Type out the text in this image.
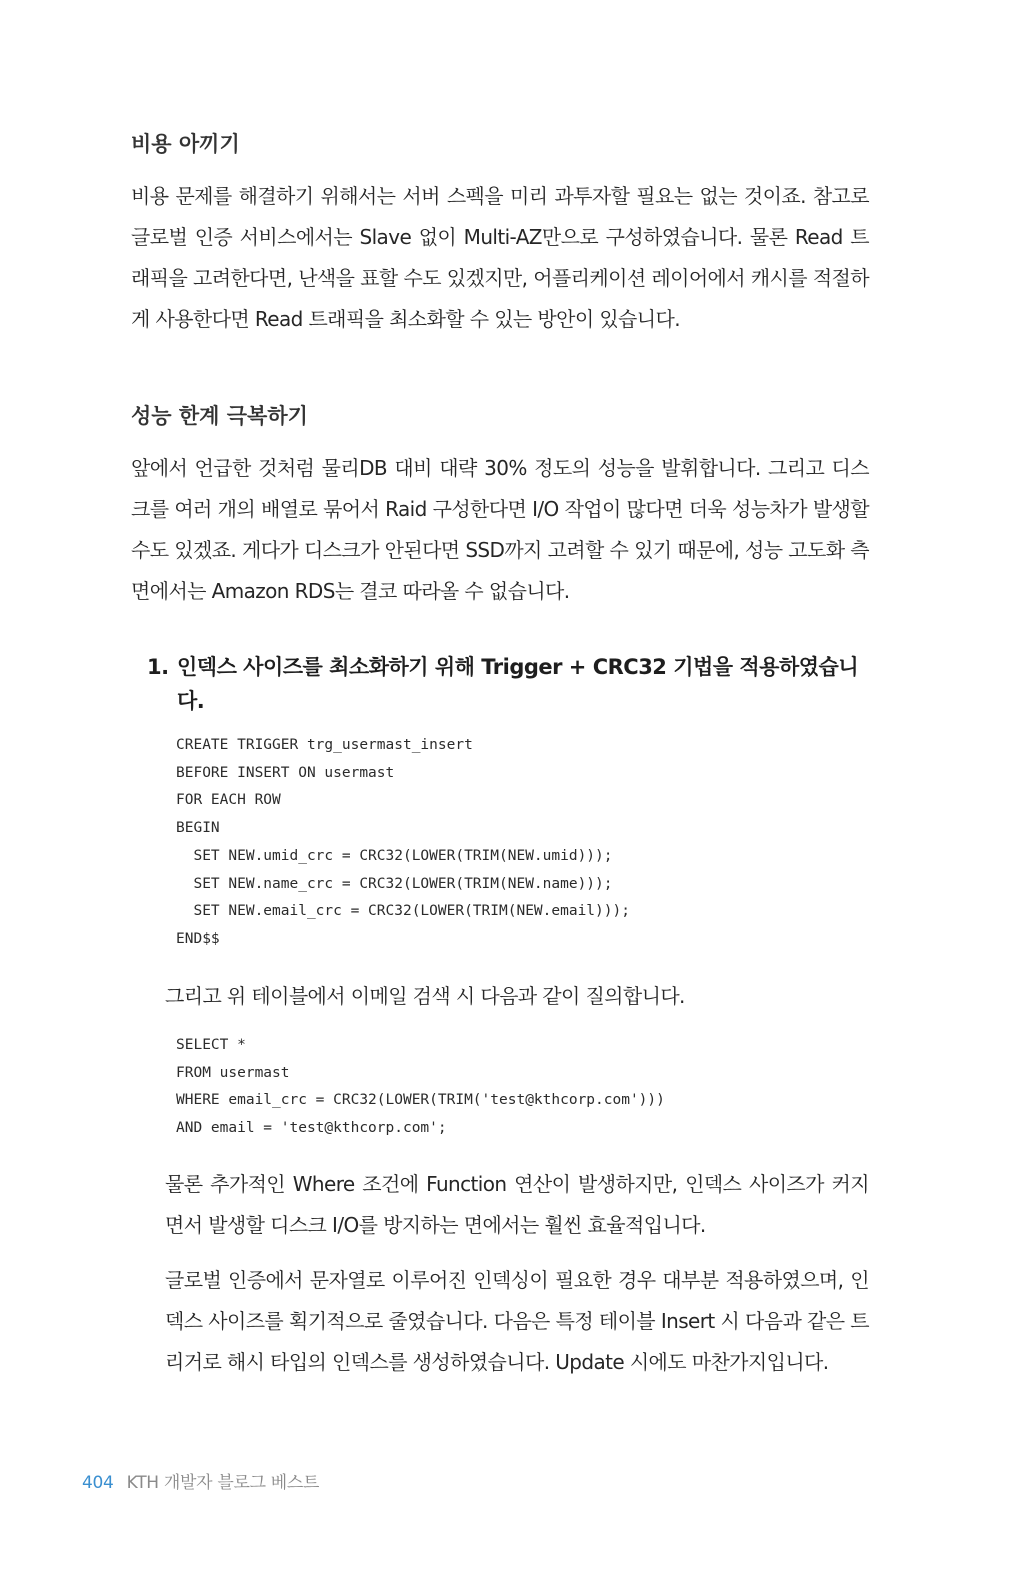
비용 아끼기
비용 문제를 해결하기 위해서는 서버 스펙을 미리 과투자할 필요는 없는 것이죠. 참고로 글로벌 인증 서비스에서는 Slave 없이 Multi-AZ만으로 구성하였습니다. 물론 Read 트래픽을 고려한다면, 난색을 표할 수도 있겠지만, 어플리케이션 레이어에서 캐시를 적절하게 사용한다면 Read 트래픽을 최소화할 수 있는 방안이 있습니다.
성능 한계 극복하기
앞에서 언급한 것처럼 물리DB 대비 대략 30% 정도의 성능을 발휘합니다. 그리고 디스크를 여러 개의 배열로 묶어서 Raid 구성한다면 I/O 작업이 많다면 더욱 성능차가 발생할 수도 있겠죠. 게다가 디스크가 안된다면 SSD까지 고려할 수 있기 때문에, 성능 고도화 측면에서는 Amazon RDS는 결코 따라올 수 없습니다.
1. 인덱스 사이즈를 최소화하기 위해 Trigger + CRC32 기법을 적용하였습니다.
CREATE TRIGGER trg_usermast_insert
BEFORE INSERT ON usermast
FOR EACH ROW
BEGIN
SET NEW.umid_crc = CRC32(LOWER(TRIM(NEW.umid)));
SET NEW.name_crc = CRC32(LOWER(TRIM(NEW.name)));
SET NEW.email_crc = CRC32(LOWER(TRIM(NEW.email)));
END$$
그리고 위 테이블에서 이메일 검색 시 다음과 같이 질의합니다.
SELECT *
FROM usermast
WHERE email_crc = CRC32(LOWER(TRIM('test@kthcorp.com')))
AND email = 'test@kthcorp.com';
물론 추가적인 Where 조건에 Function 연산이 발생하지만, 인덱스 사이즈가 커지면서 발생할 디스크 I/O를 방지하는 면에서는 훨씬 효율적입니다.
글로벌 인증에서 문자열로 이루어진 인덱싱이 필요한 경우 대부분 적용하였으며, 인덱스 사이즈를 획기적으로 줄였습니다. 다음은 특정 테이블 Insert 시 다음과 같은 트리거로 해시 타입의 인덱스를 생성하였습니다. Update 시에도 마찬가지입니다.
404 KTH 개발자 블로그 베스트
